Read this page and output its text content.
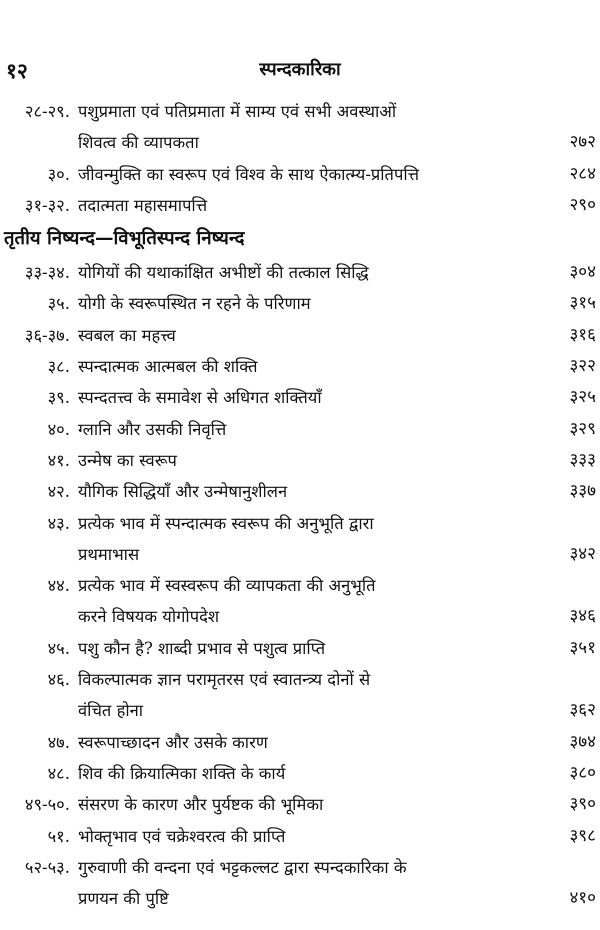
१२	स्पन्दकारिका
२८-२९. पशुप्रमाता एवं पतिप्रमाता में साम्य एवं सभी अवस्थाओं
शिवत्व की व्यापकता	२७२
३०. जीवन्मुक्ति का स्वरूप एवं विश्व के साथ ऐकात्म्य-प्रतिपत्ति	२८४
३१-३२. तदात्मता महासमापत्ति	२९०
तृतीय निष्यन्द—विभूतिस्पन्द निष्यन्द
३३-३४. योगियों की यथाकांक्षित अभीष्टों की तत्काल सिद्धि	३०४
३५. योगी के स्वरूपस्थित न रहने के परिणाम	३१५
३६-३७. स्वबल का महत्त्व	३१६
३८. स्पन्दात्मक आत्मबल की शक्ति	३२२
३९. स्पन्दतत्त्व के समावेश से अधिगत शक्तियाँ	३२५
४०. ग्लानि और उसकी निवृत्ति	३२९
४१. उन्मेष का स्वरूप	३३३
४२. यौगिक सिद्धियाँ और उन्मेषानुशीलन	३३७
४३. प्रत्येक भाव में स्पन्दात्मक स्वरूप की अनुभूति द्वारा
प्रथमाभास	३४२
४४. प्रत्येक भाव में स्वस्वरूप की व्यापकता की अनुभूति
करने विषयक योगोपदेश	३४६
४५. पशु कौन है? शाब्दी प्रभाव से पशुत्व प्राप्ति	३५१
४६. विकल्पात्मक ज्ञान परामृतरस एवं स्वातन्त्र्य दोनों से
वंचित होना	३६२
४७. स्वरूपाच्छादन और उसके कारण	३७४
४८. शिव की क्रियात्मिका शक्ति के कार्य	३८०
४९-५०. संसरण के कारण और पुर्यष्टक की भूमिका	३९०
५१. भोक्तृभाव एवं चक्रेश्वरत्व की प्राप्ति	३९८
५२-५३. गुरुवाणी की वन्दना एवं भट्टकल्लट द्वारा स्पन्दकारिका के
प्रणयन की पुष्टि	४१०
